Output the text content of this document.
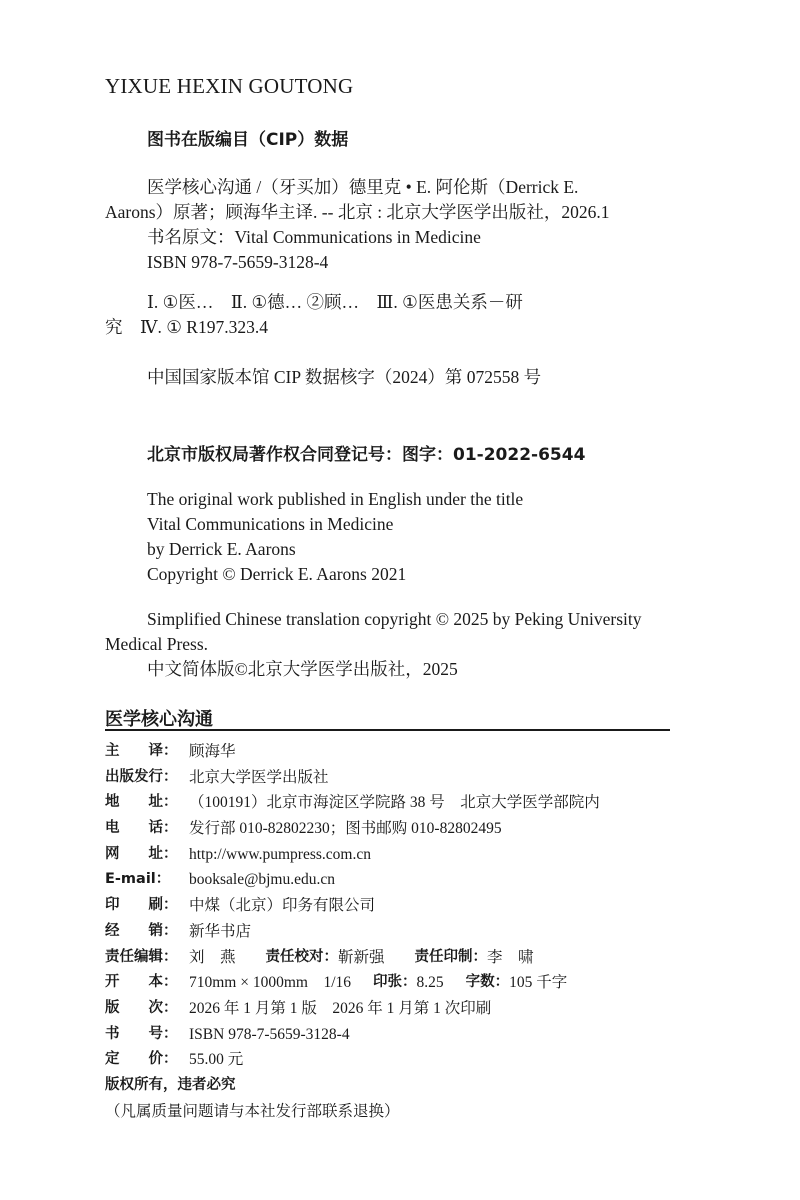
YIXUE HEXIN GOUTONG
图书在版编目（CIP）数据
医学核心沟通 /（牙买加）德里克 • E. 阿伦斯（Derrick E.
Aarons）原著；顾海华主译. -- 北京 : 北京大学医学出版社，2026.1
书名原文：Vital Communications in Medicine
ISBN 978-7-5659-3128-4
Ⅰ. ①医…　Ⅱ. ①德… ②顾…　Ⅲ. ①医患关系－研
究　Ⅳ. ① R197.323.4
中国国家版本馆 CIP 数据核字（2024）第 072558 号
北京市版权局著作权合同登记号：图字：01-2022-6544
The original work published in English under the title
Vital Communications in Medicine
by Derrick E. Aarons
Copyright © Derrick E. Aarons 2021
Simplified Chinese translation copyright © 2025 by Peking University
Medical Press.
中文简体版©北京大学医学出版社，2025
医学核心沟通
主　　译： 顾海华
出版发行： 北京大学医学出版社
地　　址： （100191）北京市海淀区学院路 38 号　北京大学医学部院内
电　　话： 发行部 010-82802230；图书邮购 010-82802495
网　　址： http://www.pumpress.com.cn
E-mail：	booksale@bjmu.edu.cn
印　　刷： 中煤（北京）印务有限公司
经　　销： 新华书店
责任编辑： 刘　燕 责任校对： 靳新强 责任印制： 李　啸
开　　本： 710mm × 1000mm　1/16 印张： 8.25 字数： 105 千字
版　　次： 2026 年 1 月第 1 版　2026 年 1 月第 1 次印刷
书　　号： ISBN 978-7-5659-3128-4
定　　价： 55.00 元
版权所有，违者必究
（凡属质量问题请与本社发行部联系退换）
